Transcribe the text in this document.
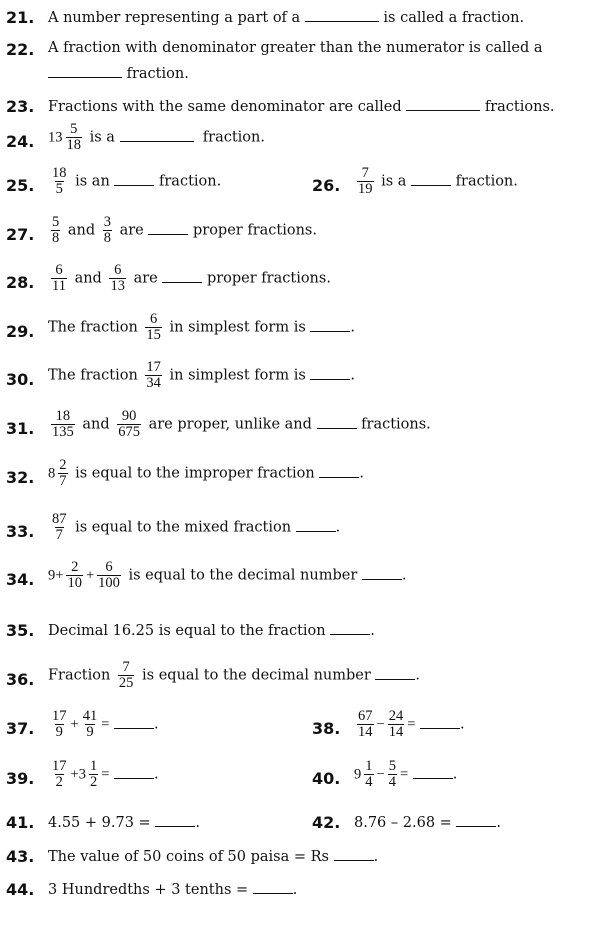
21. A number representing a part of a	is called a fraction.
22. A fraction with denominator greater than the numerator is called a
fraction.
23. Fractions with the same denominator are called	fractions.
24. $13 \frac{5}{18}$ is a	fraction.
25. $\frac{18}{5}$ is an	fraction.	26. $\frac{7}{19}$ is a	fraction.
27. $\frac{5}{8}$ and $\frac{3}{8}$ are	proper fractions.
28. $\frac{6}{11}$ and $\frac{6}{13}$ are	proper fractions.
29. The fraction $\frac{6}{15}$ in simplest form is	.
30. The fraction $\frac{17}{34}$ in simplest form is	.
31. $\frac{18}{135}$ and $\frac{90}{675}$ are proper, unlike and	fractions.
32. $8 \frac{2}{7}$ is equal to the improper fraction	.
33. $\frac{87}{7}$ is equal to the mixed fraction	.
34. $9+ \frac{2}{10} + \frac{6}{100}$ is equal to the decimal number	.
35. Decimal 16.25 is equal to the fraction	.
36. Fraction $\frac{7}{25}$ is equal to the decimal number	.
37. $\frac{17}{9} + \frac{41}{9}$ =	.	38. $\frac{67}{14} - \frac{24}{14}$ =	.
39. $\frac{17}{2} +3 \frac{1}{2}$ =	.	40. $9 \frac{1}{4} - \frac{5}{4}$ =	.
41. 4.55 + 9.73 =	.	42. 8.76 – 2.68 =	.
43. The value of 50 coins of 50 paisa = Rs	.
44. 3 Hundredths + 3 tenths =	.
